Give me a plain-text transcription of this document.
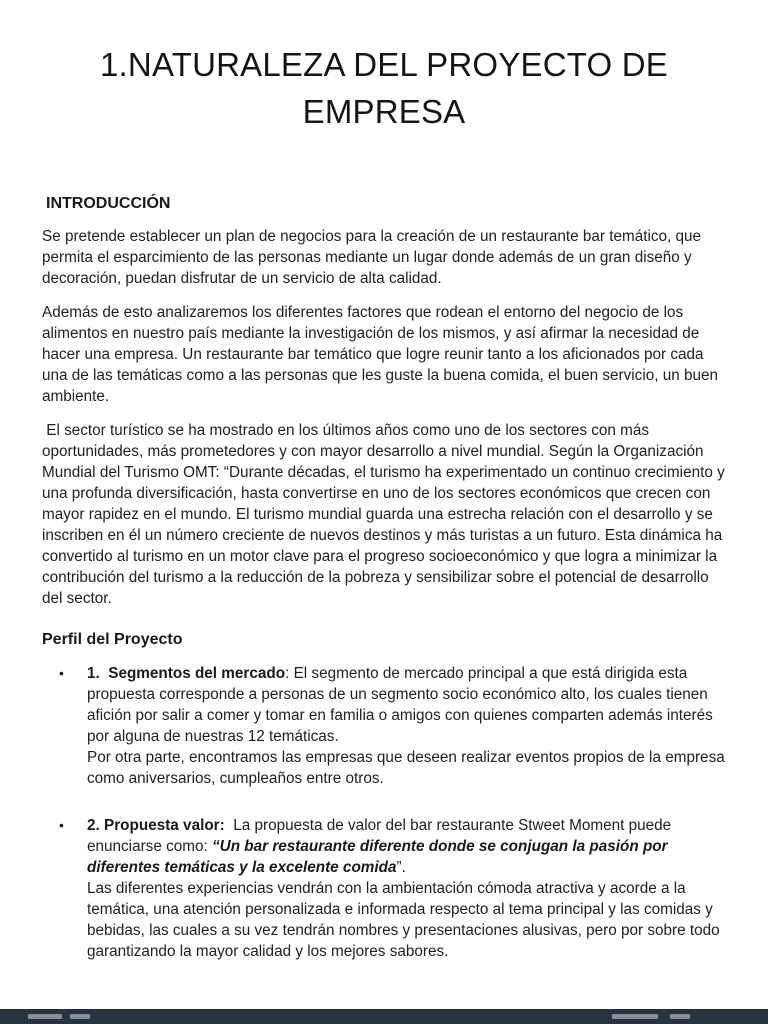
1.NATURALEZA DEL PROYECTO DE EMPRESA
INTRODUCCIÓN

Se pretende establecer un plan de negocios para la creación de un restaurante bar temático, que permita el esparcimiento de las personas mediante un lugar donde además de un gran diseño y decoración, puedan disfrutar de un servicio de alta calidad.

Además de esto analizaremos los diferentes factores que rodean el entorno del negocio de los alimentos en nuestro país mediante la investigación de los mismos, y así afirmar la necesidad de hacer una empresa. Un restaurante bar temático que logre reunir tanto a los aficionados por cada una de las temáticas como a las personas que les guste la buena comida, el buen servicio, un buen ambiente.

El sector turístico se ha mostrado en los últimos años como uno de los sectores con más oportunidades, más prometedores y con mayor desarrollo a nivel mundial. Según la Organización Mundial del Turismo OMT: “Durante décadas, el turismo ha experimentado un continuo crecimiento y una profunda diversificación, hasta convertirse en uno de los sectores económicos que crecen con mayor rapidez en el mundo. El turismo mundial guarda una estrecha relación con el desarrollo y se inscriben en él un número creciente de nuevos destinos y más turistas a un futuro. Esta dinámica ha convertido al turismo en un motor clave para el progreso socioeconómico y que logra a minimizar la contribución del turismo a la reducción de la pobreza y sensibilizar sobre el potencial de desarrollo del sector.

Perfil del Proyecto
•	1.  Segmentos del mercado: El segmento de mercado principal a que está dirigida esta propuesta corresponde a personas de un segmento socio económico alto, los cuales tienen afición por salir a comer y tomar en familia o amigos con quienes comparten además interés por alguna de nuestras 12 temáticas.
Por otra parte, encontramos las empresas que deseen realizar eventos propios de la empresa como aniversarios, cumpleaños entre otros.
•	2. Propuesta valor:  La propuesta de valor del bar restaurante Stweet Moment puede enunciarse como: “Un bar restaurante diferente donde se conjugan la pasión por diferentes temáticas y la excelente comida”.
Las diferentes experiencias vendrán con la ambientación cómoda atractiva y acorde a la temática, una atención personalizada e informada respecto al tema principal y las comidas y bebidas, las cuales a su vez tendrán nombres y presentaciones alusivas, pero por sobre todo garantizando la mayor calidad y los mejores sabores.
